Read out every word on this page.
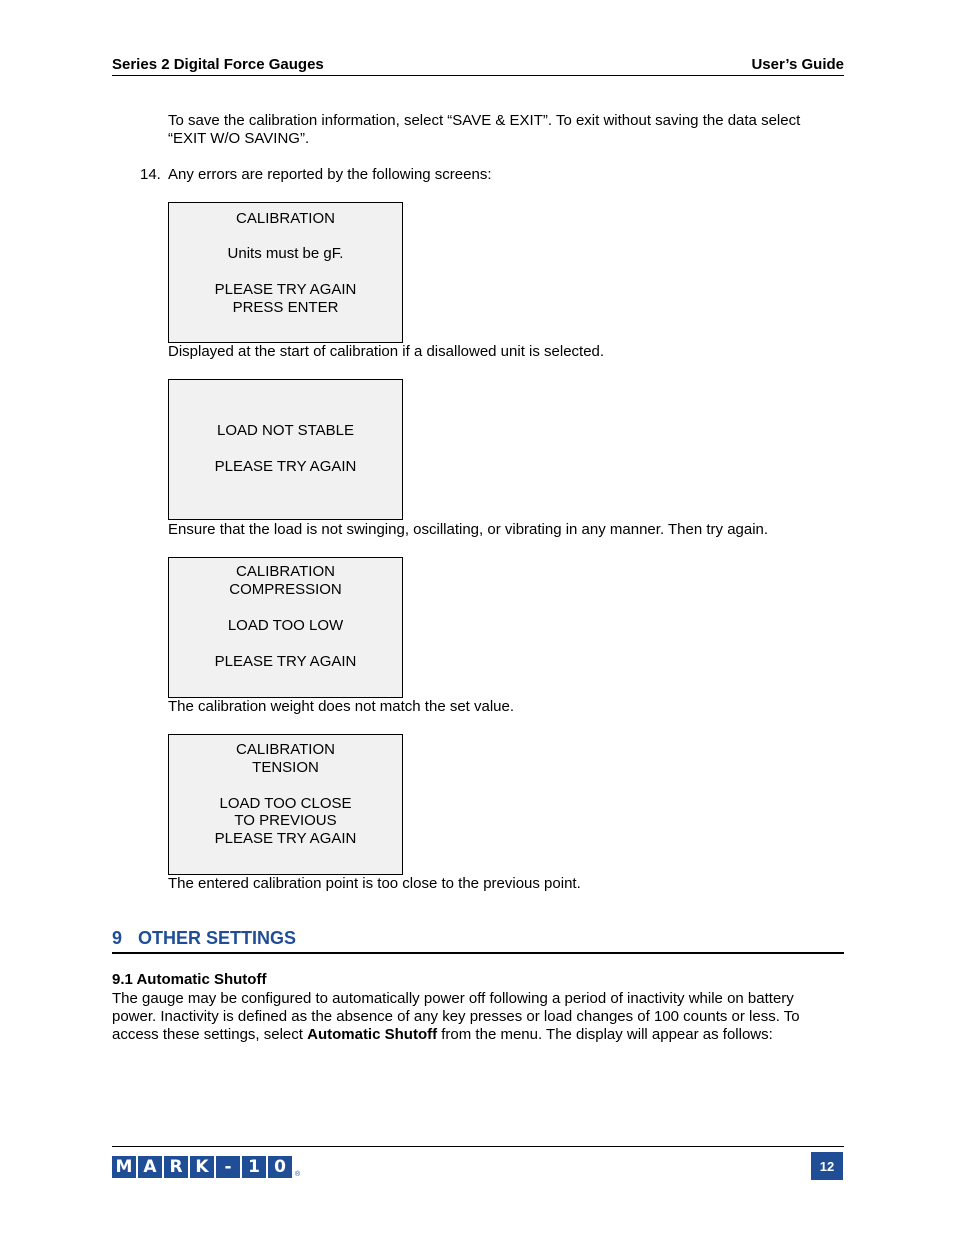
Series 2 Digital Force Gauges	User’s Guide
To save the calibration information, select “SAVE & EXIT”. To exit without saving the data select
“EXIT W/O SAVING”.
14. Any errors are reported by the following screens:
CALIBRATION
Units must be gF.
PLEASE TRY AGAIN
PRESS ENTER
Displayed at the start of calibration if a disallowed unit is selected.
LOAD NOT STABLE
PLEASE TRY AGAIN
Ensure that the load is not swinging, oscillating, or vibrating in any manner. Then try again.
CALIBRATION
COMPRESSION
LOAD TOO LOW
PLEASE TRY AGAIN
The calibration weight does not match the set value.
CALIBRATION
TENSION
LOAD TOO CLOSE
TO PREVIOUS
PLEASE TRY AGAIN
The entered calibration point is too close to the previous point.
9 OTHER SETTINGS
9.1 Automatic Shutoff
The gauge may be configured to automatically power off following a period of inactivity while on battery
power. Inactivity is defined as the absence of any key presses or load changes of 100 counts or less. To
access these settings, select Automatic Shutoff from the menu. The display will appear as follows:
M A R K - 1 0	®
12
